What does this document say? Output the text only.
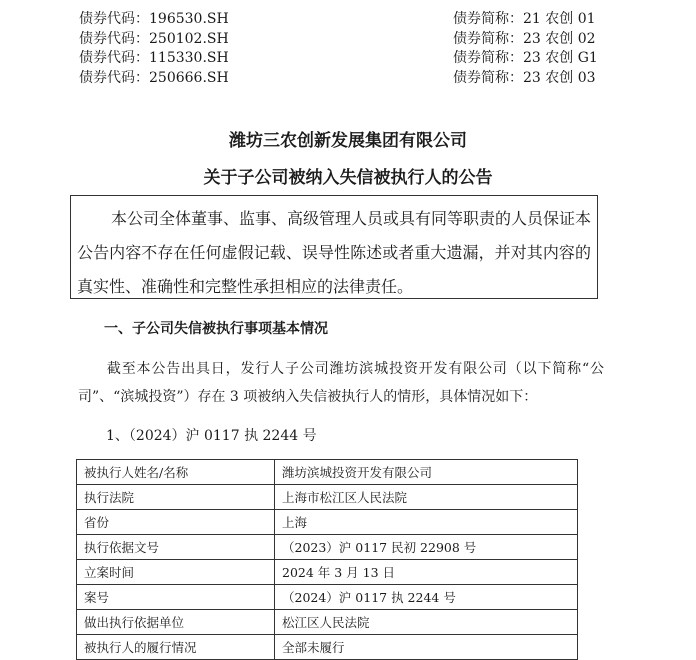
债券代码：196530.SH	债券简称：21 农创 01
债券代码：250102.SH	债券简称：23 农创 02
债券代码：115330.SH	债券简称：23 农创 G1
债券代码：250666.SH	债券简称：23 农创 03
潍坊三农创新发展集团有限公司
关于子公司被纳入失信被执行人的公告
本公司全体董事、监事、高级管理人员或具有同等职责的人员保证本公告内容不存在任何虚假记载、误导性陈述或者重大遗漏，并对其内容的真实性、准确性和完整性承担相应的法律责任。
一、子公司失信被执行事项基本情况
截至本公告出具日，发行人子公司潍坊滨城投资开发有限公司（以下简称“公司”、“滨城投资”）存在 3 项被纳入失信被执行人的情形，具体情况如下：
1、（2024）沪 0117 执 2244 号
被执行人姓名/名称	潍坊滨城投资开发有限公司
执行法院	上海市松江区人民法院
省份	上海
执行依据文号	（2023）沪 0117 民初 22908 号
立案时间	2024 年 3 月 13 日
案号	（2024）沪 0117 执 2244 号
做出执行依据单位	松江区人民法院
被执行人的履行情况	全部未履行
